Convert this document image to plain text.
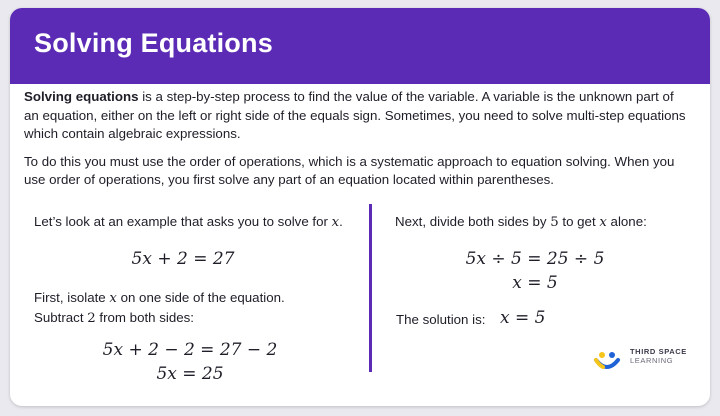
Solving Equations

Solving equations is a step-by-step process to find the value of the variable. A variable is the unknown part of an equation, either on the left or right side of the equals sign. Sometimes, you need to solve multi-step equations which contain algebraic expressions.

To do this you must use the order of operations, which is a systematic approach to equation solving. When you use order of operations, you first solve any part of an equation located within parentheses.

Let’s look at an example that asks you to solve for x.
5x + 2 = 27
First, isolate x on one side of the equation.
Subtract 2 from both sides:
5x + 2 − 2 = 27 − 2
5x = 25
Next, divide both sides by 5 to get x alone:
5x ÷ 5 = 25 ÷ 5
x = 5
The solution is: x = 5
THIRD SPACE
LEARNING
